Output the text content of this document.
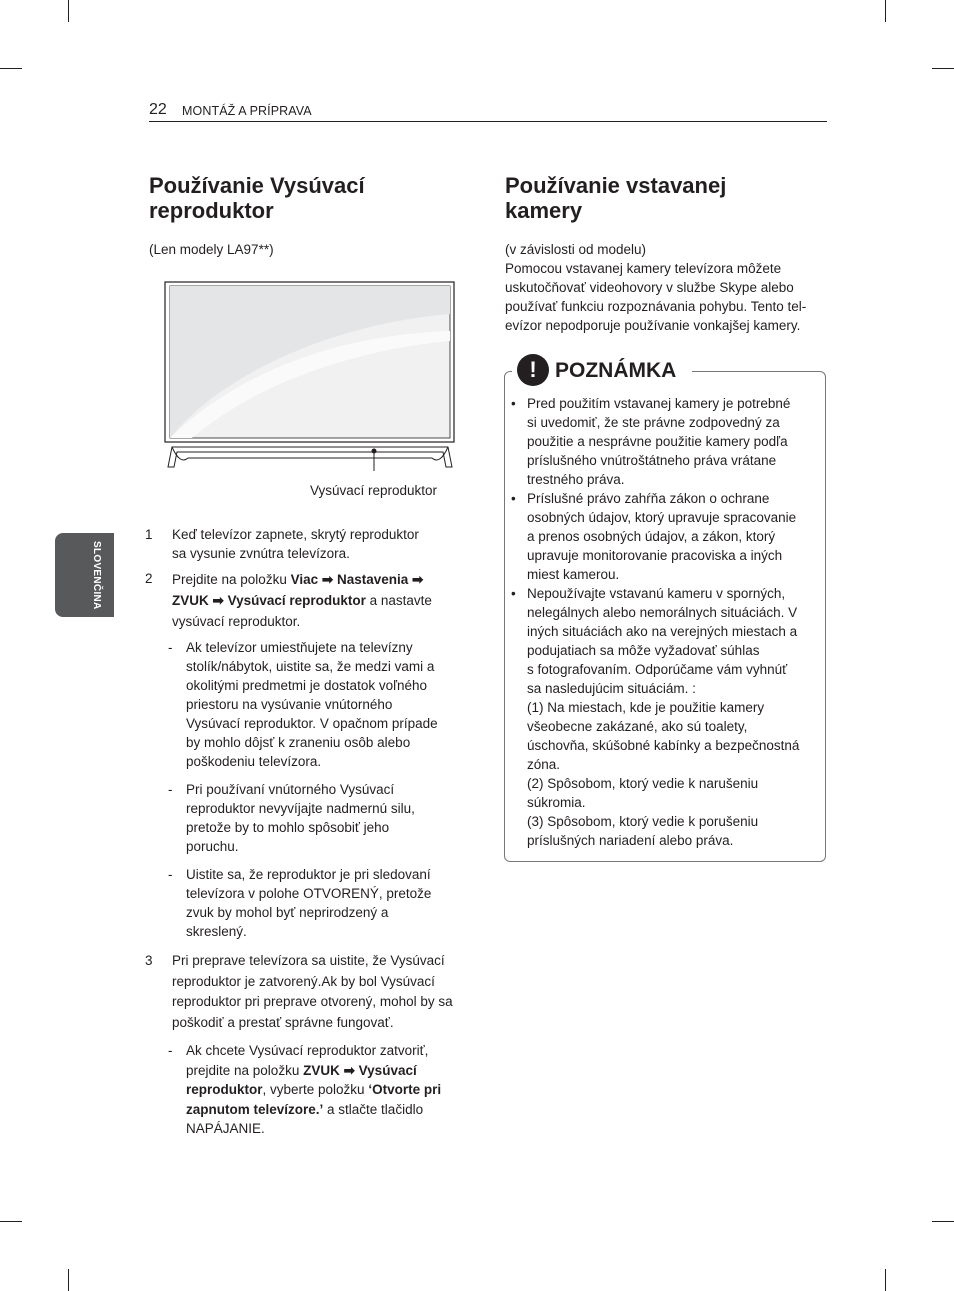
22 MONTÁŽ A PRÍPRAVA
SLOVENČINA
Používanie Vysúvací
reproduktor
(Len modely LA97**)
Vysúvací reproduktor
1 Keď televízor zapnete, skrytý reproduktor
sa vysunie zvnútra televízora.
2 Prejdite na položku Viac ➡ Nastavenia ➡
ZVUK ➡ Vysúvací reproduktor a nastavte
vysúvací reproduktor.
- Ak televízor umiestňujete na televízny
stolík/nábytok, uistite sa, že medzi vami a
okolitými predmetmi je dostatok voľného
priestoru na vysúvanie vnútorného
Vysúvací reproduktor. V opačnom prípade
by mohlo dôjsť k zraneniu osôb alebo
poškodeniu televízora.
- Pri používaní vnútorného Vysúvací
reproduktor nevyvíjajte nadmernú silu,
pretože by to mohlo spôsobiť jeho
poruchu.
- Uistite sa, že reproduktor je pri sledovaní
televízora v polohe OTVORENÝ, pretože
zvuk by mohol byť neprirodzený a
skreslený.
3 Pri preprave televízora sa uistite, že Vysúvací
reproduktor je zatvorený.Ak by bol Vysúvací
reproduktor pri preprave otvorený, mohol by sa
poškodiť a prestať správne fungovať.
- Ak chcete Vysúvací reproduktor zatvoriť,
prejdite na položku ZVUK ➡ Vysúvací
reproduktor, vyberte položku ‘Otvorte pri
zapnutom televízore.’ a stlačte tlačidlo
NAPÁJANIE.
Používanie vstavanej
kamery
(v závislosti od modelu)
Pomocou vstavanej kamery televízora môžete
uskutočňovať videohovory v službe Skype alebo
používať funkciu rozpoznávania pohybu. Tento tel-
evízor nepodporuje používanie vonkajšej kamery.
! POZNÁMKA
• Pred použitím vstavanej kamery je potrebné
si uvedomiť, že ste právne zodpovedný za
použitie a nesprávne použitie kamery podľa
príslušného vnútroštátneho práva vrátane
trestného práva.
• Príslušné právo zahŕňa zákon o ochrane
osobných údajov, ktorý upravuje spracovanie
a prenos osobných údajov, a zákon, ktorý
upravuje monitorovanie pracoviska a iných
miest kamerou.
• Nepoužívajte vstavanú kameru v sporných,
nelegálnych alebo nemorálnych situáciách. V
iných situáciách ako na verejných miestach a
podujatiach sa môže vyžadovať súhlas
s fotografovaním. Odporúčame vám vyhnúť
sa nasledujúcim situáciám. :
(1) Na miestach, kde je použitie kamery
všeobecne zakázané, ako sú toalety,
úschovňa, skúšobné kabínky a bezpečnostná
zóna.
(2) Spôsobom, ktorý vedie k narušeniu
súkromia.
(3) Spôsobom, ktorý vedie k porušeniu
príslušných nariadení alebo práva.
